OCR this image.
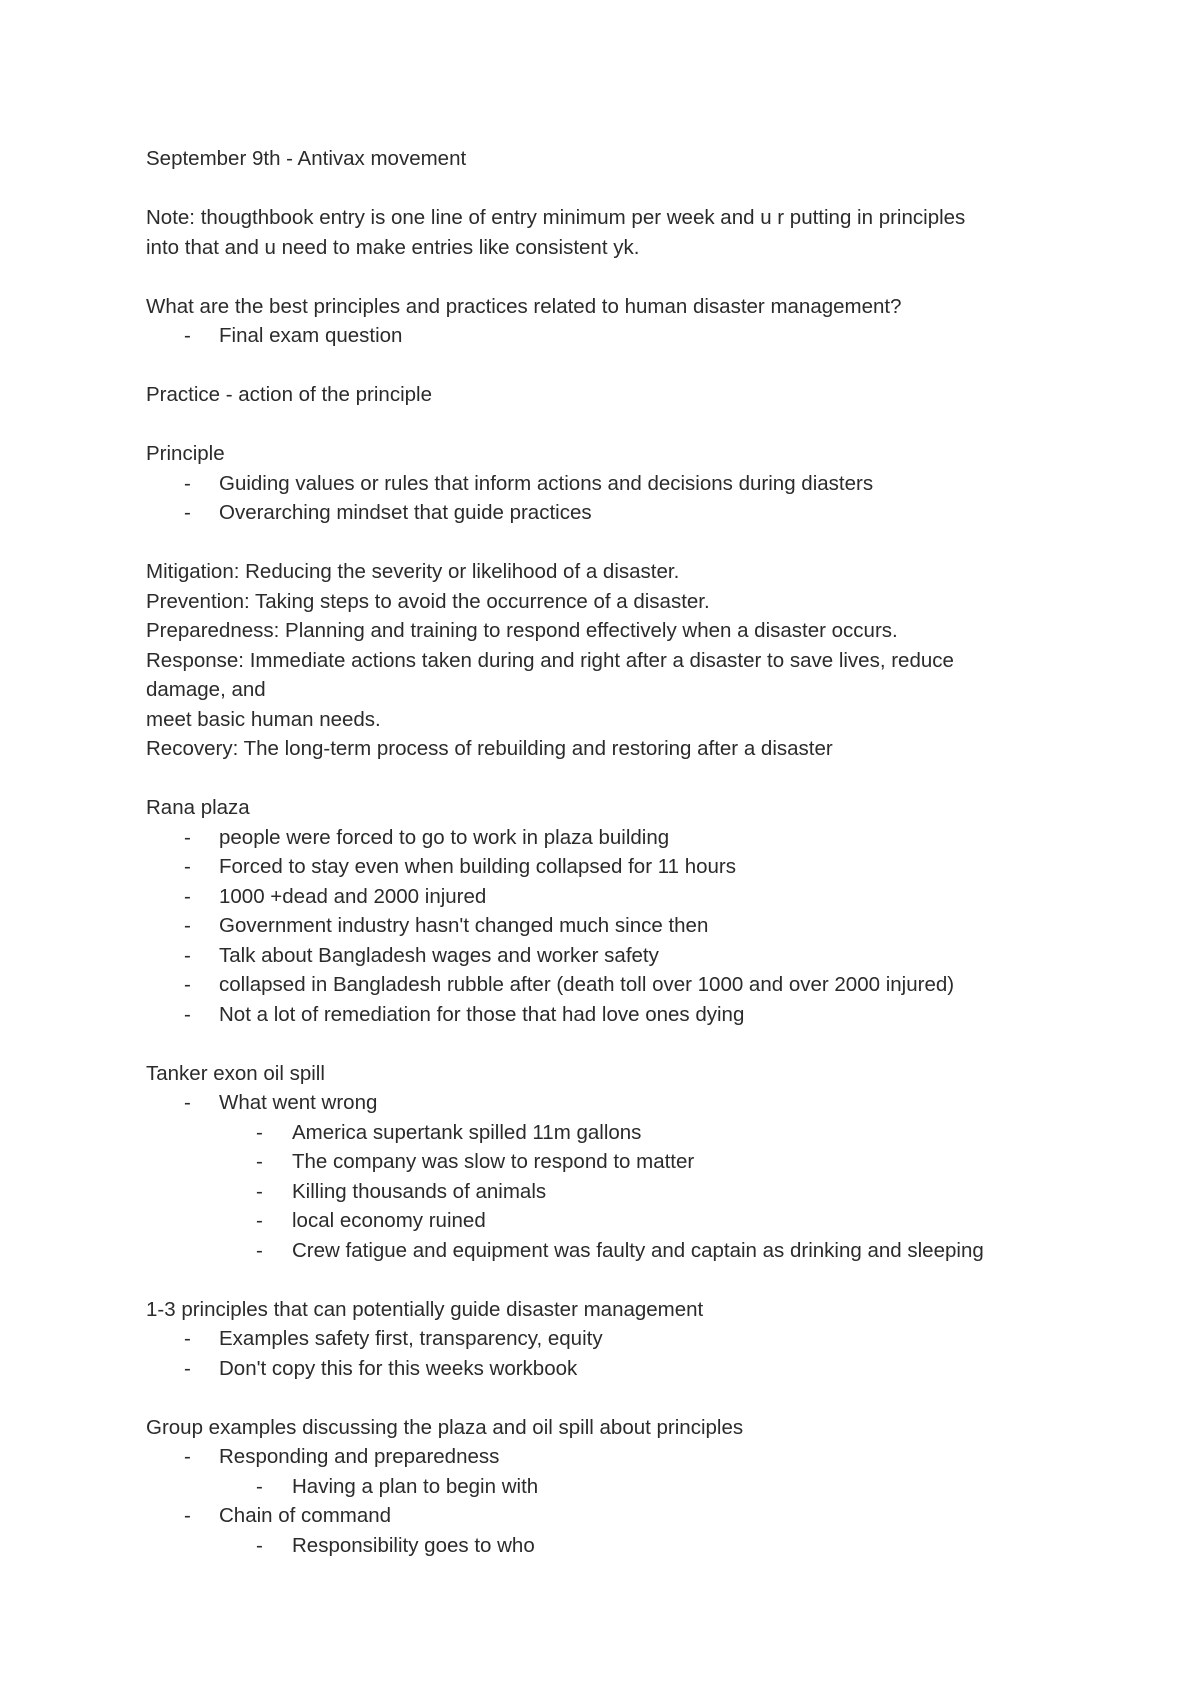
September 9th - Antivax movement
Note: thougthbook entry is one line of entry minimum per week and u r putting in principles
into that and u need to make entries like consistent yk.
What are the best principles and practices related to human disaster management?
- Final exam question
Practice - action of the principle
Principle
- Guiding values or rules that inform actions and decisions during diasters
- Overarching mindset that guide practices
Mitigation: Reducing the severity or likelihood of a disaster.
Prevention: Taking steps to avoid the occurrence of a disaster.
Preparedness: Planning and training to respond effectively when a disaster occurs.
Response: Immediate actions taken during and right after a disaster to save lives, reduce
damage, and
meet basic human needs.
Recovery: The long-term process of rebuilding and restoring after a disaster
Rana plaza
- people were forced to go to work in plaza building
- Forced to stay even when building collapsed for 11 hours
- 1000 +dead and 2000 injured
- Government industry hasn't changed much since then
- Talk about Bangladesh wages and worker safety
- collapsed in Bangladesh rubble after (death toll over 1000 and over 2000 injured)
- Not a lot of remediation for those that had love ones dying
Tanker exon oil spill
- What went wrong
- America supertank spilled 11m gallons
- The company was slow to respond to matter
- Killing thousands of animals
- local economy ruined
- Crew fatigue and equipment was faulty and captain as drinking and sleeping
1-3 principles that can potentially guide disaster management
- Examples safety first, transparency, equity
- Don't copy this for this weeks workbook
Group examples discussing the plaza and oil spill about principles
- Responding and preparedness
- Having a plan to begin with
- Chain of command
- Responsibility goes to who
